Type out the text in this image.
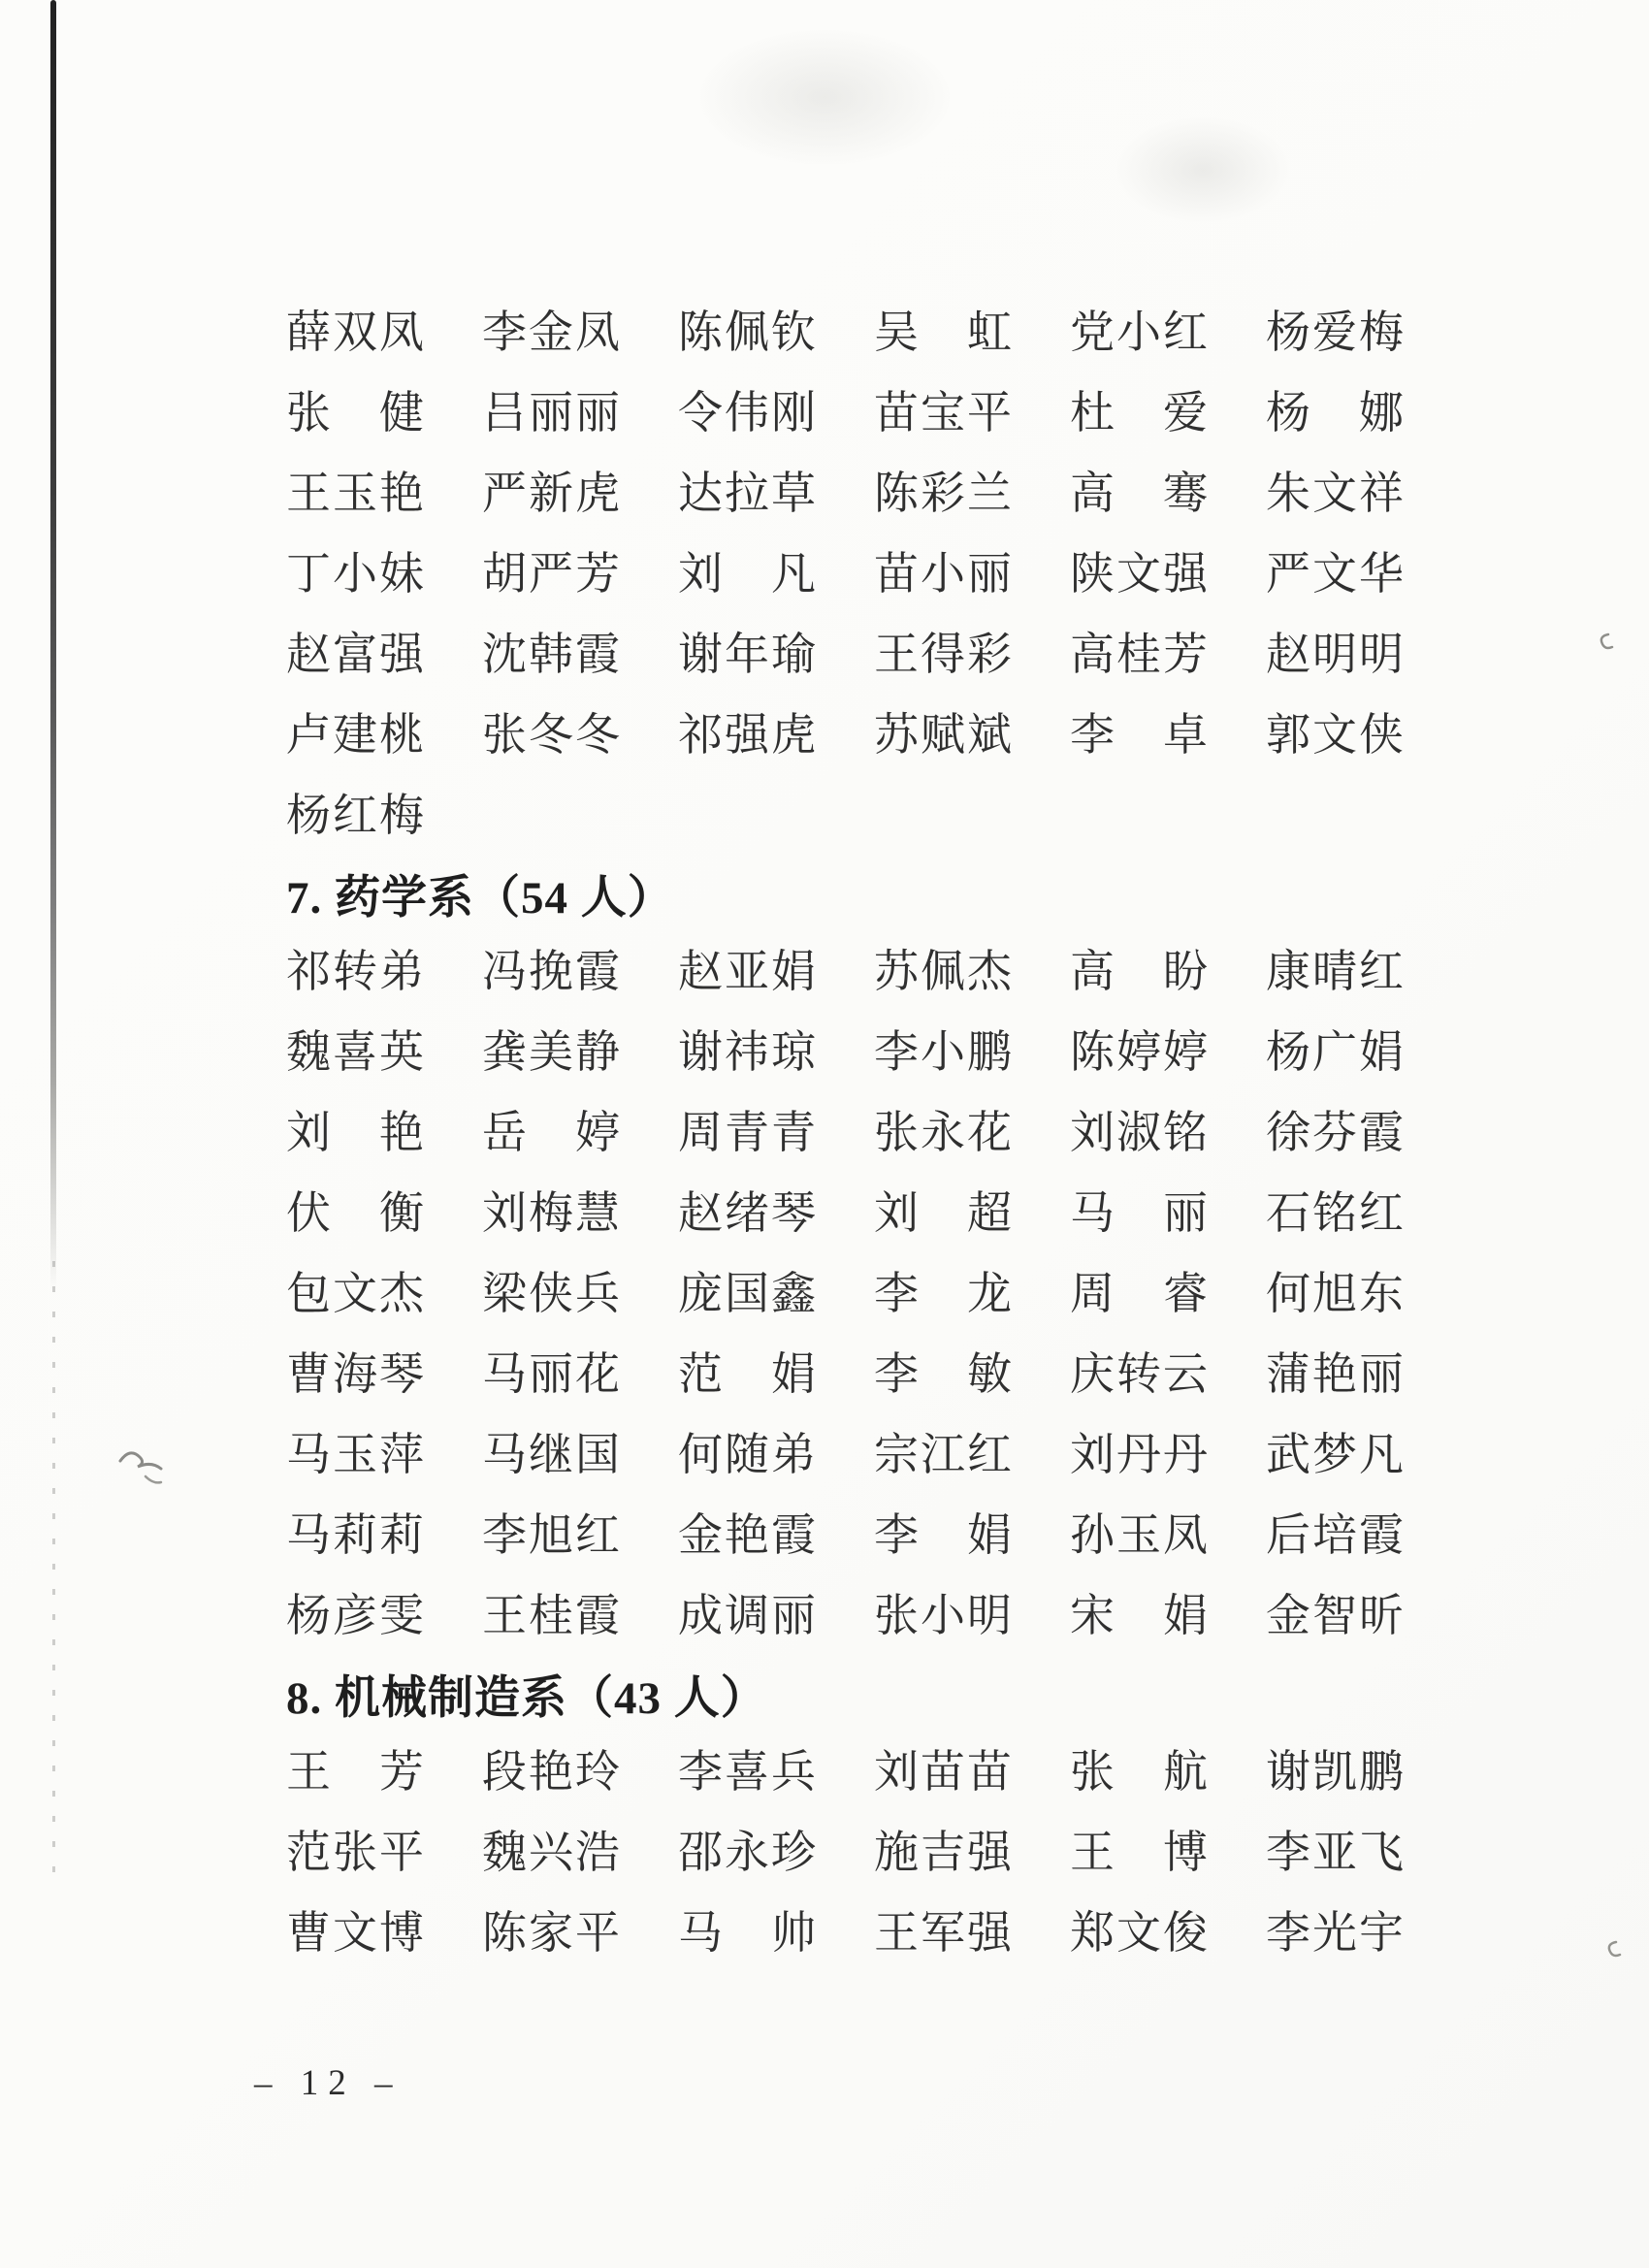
薛双凤 李金凤 陈佩钦 吴　虹 党小红 杨爱梅
张　健 吕丽丽 令伟刚 苗宝平 杜　爱 杨　娜
王玉艳 严新虎 达拉草 陈彩兰 高　骞 朱文祥
丁小妹 胡严芳 刘　凡 苗小丽 陕文强 严文华
赵富强 沈韩霞 谢年瑜 王得彩 高桂芳 赵明明
卢建桃 张冬冬 祁强虎 苏赋斌 李　卓 郭文侠
杨红梅
7. 药学系（54 人）
祁转弟 冯挽霞 赵亚娟 苏佩杰 高　盼 康晴红
魏喜英 龚美静 谢祎琼 李小鹏 陈婷婷 杨广娟
刘　艳 岳　婷 周青青 张永花 刘淑铭 徐芬霞
伏　衡 刘梅慧 赵绪琴 刘　超 马　丽 石铭红
包文杰 梁侠兵 庞国鑫 李　龙 周　睿 何旭东
曹海琴 马丽花 范　娟 李　敏 庆转云 蒲艳丽
马玉萍 马继国 何随弟 宗江红 刘丹丹 武梦凡
马莉莉 李旭红 金艳霞 李　娟 孙玉凤 后培霞
杨彦雯 王桂霞 成调丽 张小明 宋　娟 金智昕
8. 机械制造系（43 人）
王　芳 段艳玲 李喜兵 刘苗苗 张　航 谢凯鹏
范张平 魏兴浩 邵永珍 施吉强 王　博 李亚飞
曹文博 陈家平 马　帅 王军强 郑文俊 李光宇
– 12 –
